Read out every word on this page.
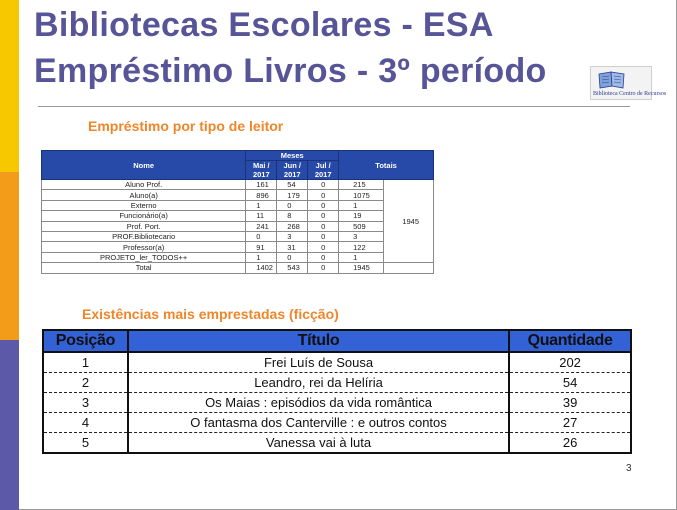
Bibliotecas Escolares - ESA
Empréstimo Livros - 3º período
Biblioteca Centro de Recursos
Empréstimo por tipo de leitor
Nome	Meses			Totais	
	Mai / 2017	Jun / 2017	Jul / 2017		
Aluno Prof.	161	54	0	215	1945
Aluno(a)	896	179	0	1075	
Externo	1	0	0	1	
Funcionário(a)	11	8	0	19	
Prof. Port.	241	268	0	509	
PROF.Bibliotecario	0	3	0	3	
Professor(a)	91	31	0	122	
PROJETO_ler_TODOS++	1	0	0	1	
Total	1402	543	0	1945	
Existências mais emprestadas (ficção)
Posição	Título	Quantidade
1	Frei Luís de Sousa	202
2	Leandro, rei da Helíria	54
3	Os Maias : episódios da vida romântica	39
4	O fantasma dos Canterville : e outros contos	27
5	Vanessa vai à luta	26
3
